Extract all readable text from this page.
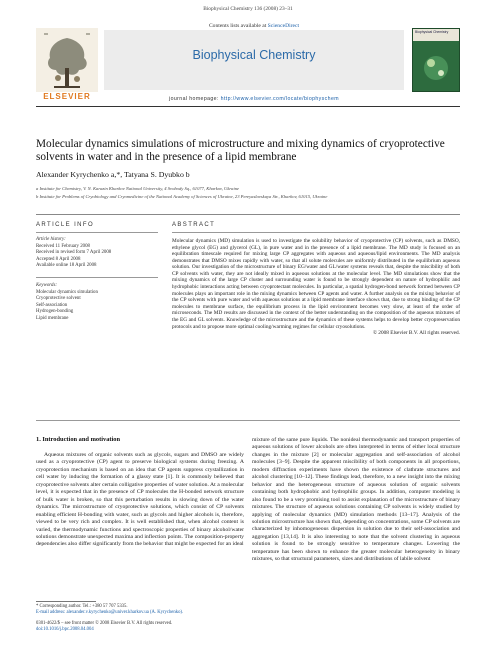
Biophysical Chemistry 136 (2008) 23–31
Contents lists available at ScienceDirect
Biophysical Chemistry
journal homepage: http://www.elsevier.com/locate/biophyschem
ELSEVIER
Biophysical Chemistry
Molecular dynamics simulations of microstructure and mixing dynamics of cryoprotective solvents in water and in the presence of a lipid membrane
Alexander Kyrychenko a,*, Tatyana S. Dyubko b
a Institute for Chemistry, V. N. Karazin Kharkov National University, 4 Svobody Sq., 61077, Kharkov, Ukraine
b Institute for Problems of Cryobiology and Cryomedicine of the National Academy of Sciences of Ukraine, 23 Pereyaslavskaya Str., Kharkov, 61015, Ukraine
ARTICLE INFO
Article history:
Received 11 February 2008
Received in revised form 7 April 2008
Accepted 8 April 2008
Available online 18 April 2008
Keywords:
Molecular dynamics simulation
Cryoprotective solvent
Self-association
Hydrogen-bonding
Lipid membrane
ABSTRACT
Molecular dynamics (MD) simulation is used to investigate the solubility behavior of cryoprotective (CP) solvents, such as DMSO, ethylene glycol (EG) and glycerol (GL), in pure water and in the presence of a lipid membrane. The MD study is focused on an equilibration timescale required for mixing large CP aggregates with aqueous and aqueous/lipid environments. The MD analysis demonstrates that DMSO mixes rapidly with water, so that all solute molecules are uniformly distributed in the equilibrium aqueous solution. Our investigation of the microstructure of binary EG/water and GL/water systems reveals that, despite the miscibility of both CP solvents with water, they are not ideally mixed in aqueous solutions at the molecular level. The MD simulations show that the mixing dynamics of the large CP cluster and surrounding water is found to be strongly dependent on nature of hydrophilic and hydrophobic interactions acting between cryoprotectant molecules. In particular, a spatial hydrogen-bond network formed between CP molecules plays an important role in the mixing dynamics between CP agents and water. A further analysis on the mixing behavior of the CP solvents with pure water and with aqueous solutions at a lipid membrane interface shows that, due to strong binding of the CP molecules to membrane surface, the equilibrium process in the lipid environment becomes very slow, at least of the order of microseconds. The MD results are discussed in the context of the better understanding on the composition of the aqueous mixtures of the EG and GL solvents. Knowledge of the microstructure and the dynamics of these systems helps to develop better cryopreservation protocols and to propose more optimal cooling/warming regimes for cellular cryosolutions.
© 2008 Elsevier B.V. All rights reserved.
1. Introduction and motivation
Aqueous mixtures of organic solvents such as glycols, sugars and DMSO are widely used as a cryoprotective (CP) agent to preserve biological systems during freezing. A cryoprotection mechanism is based on an idea that CP agents suppress crystallization in cell water by inducing the formation of a glassy state [1]. It is commonly believed that cryoprotective solvents alter certain colligative properties of water solution. At a molecular level, it is expected that in the presence of CP molecules the H-bonded network structure of bulk water is broken, so that this perturbation results in slowing down of the water dynamics. The microstructure of cryoprotective solutions, which consist of CP solvents enabling efficient H-bonding with water, such as glycols and higher alcohols is, therefore, viewed to be very rich and complex. It is well established that, when alcohol content is varied, the thermodynamic functions and spectroscopic properties of binary alcohol/water solutions demonstrate unexpected maxima and inflection points. The composition-property dependencies also differ significantly from the behavior that might be expected for an ideal
mixture of the same pure liquids. The nonideal thermodynamic and transport properties of aqueous solutions of lower alcohols are often interpreted in terms of either local structure changes in the mixture [2] or molecular aggregation and self-association of alcohol molecules [3–9]. Despite the apparent miscibility of both components in all proportions, modern diffraction experiments have shown the existence of clathrate structures and alcohol clustering [10–12]. These findings lead, therefore, to a new insight into the mixing behavior and the heterogeneous structure of aqueous solution of organic solvents containing both hydrophobic and hydrophilic groups. In addition, computer modeling is also found to be a very promising tool to assist explanation of the microstructure of binary mixtures. The structure of aqueous solutions containing CP solvents is widely studied by applying of molecular dynamics (MD) simulation methods [13–17]. Analysis of the solution microstructure has shown that, depending on concentrations, some CP solvents are characterized by inhomogeneous dispersion in solution due to their self-association and aggregation [13,14]. It is also interesting to note that the solvent clustering in aqueous solution is found to be strongly sensitive to temperature changes. Lowering the temperature has been shown to enhance the greater molecular heterogeneity in binary mixtures, so that structural parameters, sizes and distributions of labile solvent
* Corresponding author. Tel.: +380 57 707 5335.
E-mail address: alexander.v.kyrychenko@univer.kharkov.ua (A. Kyrychenko).
0301-4622/$ – see front matter © 2008 Elsevier B.V. All rights reserved.
doi:10.1016/j.bpc.2008.04.004
